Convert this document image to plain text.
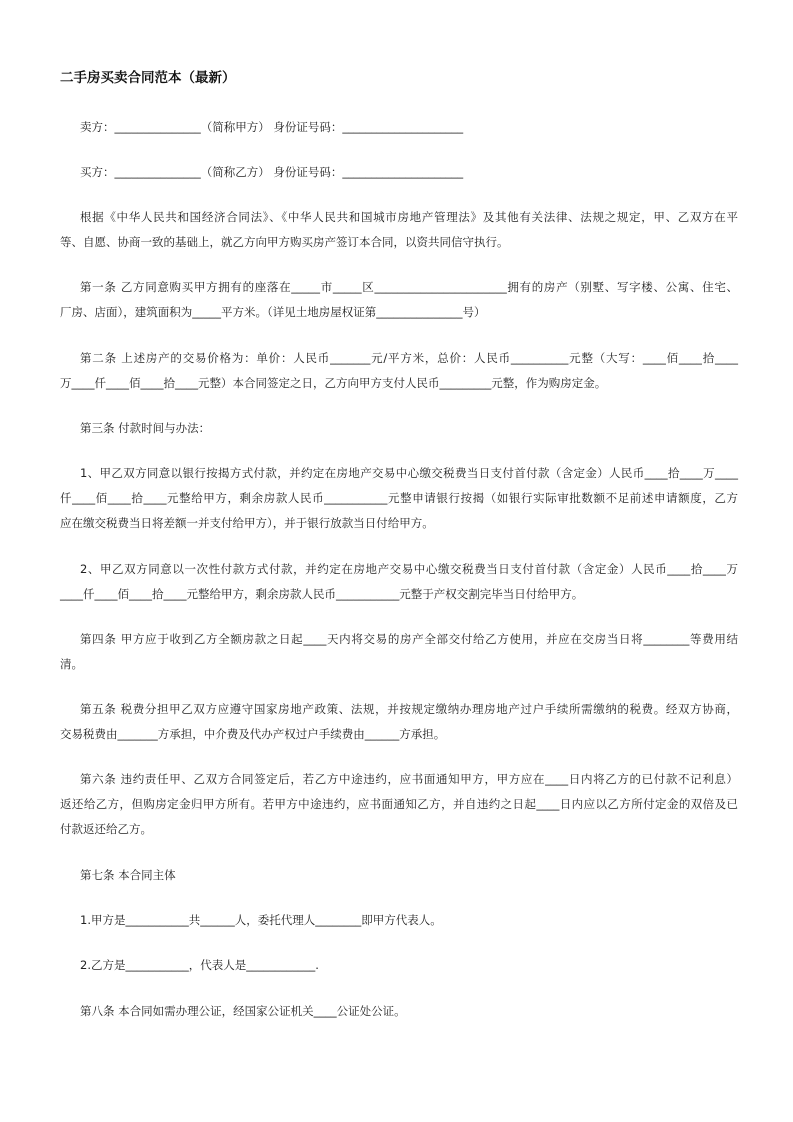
二手房买卖合同范本（最新）
卖方：_______________（简称甲方） 身份证号码：_____________________
买方：_______________（简称乙方） 身份证号码：_____________________
根据《中华人民共和国经济合同法》、《中华人民共和国城市房地产管理法》及其他有关法律、法规之规定，甲、乙双方在平
等、自愿、协商一致的基础上，就乙方向甲方购买房产签订本合同，以资共同信守执行。
第一条 乙方同意购买甲方拥有的座落在_____市_____区_______________________拥有的房产（别墅、写字楼、公寓、住宅、
厂房、店面），建筑面积为_____平方米。（详见土地房屋权证第_______________号）
第二条 上述房产的交易价格为：单价：人民币_______元/平方米，总价：人民币__________元整（大写：____佰____拾____
万____仟____佰____拾____元整）本合同签定之日，乙方向甲方支付人民币_________元整，作为购房定金。
第三条 付款时间与办法：
1、甲乙双方同意以银行按揭方式付款，并约定在房地产交易中心缴交税费当日支付首付款（含定金）人民币____拾____万____
仟____佰____拾____元整给甲方，剩余房款人民币___________元整申请银行按揭（如银行实际审批数额不足前述申请额度，乙方
应在缴交税费当日将差额一并支付给甲方），并于银行放款当日付给甲方。
2、甲乙双方同意以一次性付款方式付款，并约定在房地产交易中心缴交税费当日支付首付款（含定金）人民币____拾____万
____仟____佰____拾____元整给甲方，剩余房款人民币___________元整于产权交割完毕当日付给甲方。
第四条 甲方应于收到乙方全额房款之日起____天内将交易的房产全部交付给乙方使用，并应在交房当日将________等费用结
清。
第五条 税费分担甲乙双方应遵守国家房地产政策、法规，并按规定缴纳办理房地产过户手续所需缴纳的税费。经双方协商，
交易税费由_______方承担，中介费及代办产权过户手续费由______方承担。
第六条 违约责任甲、乙双方合同签定后，若乙方中途违约，应书面通知甲方，甲方应在____日内将乙方的已付款不记利息）
返还给乙方，但购房定金归甲方所有。若甲方中途违约，应书面通知乙方，并自违约之日起____日内应以乙方所付定金的双倍及已
付款返还给乙方。
第七条 本合同主体
1.甲方是___________共______人，委托代理人________即甲方代表人。
2.乙方是___________，代表人是____________.
第八条 本合同如需办理公证，经国家公证机关____公证处公证。
